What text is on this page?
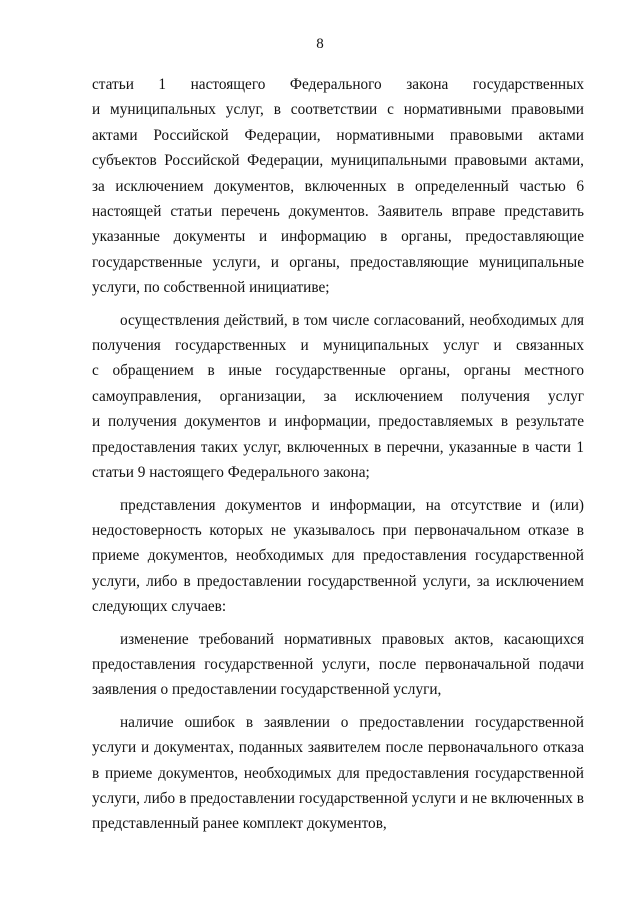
8

статьи 1 настоящего Федерального закона государственных
и муниципальных услуг, в соответствии с нормативными правовыми
актами Российской Федерации, нормативными правовыми актами
субъектов Российской Федерации, муниципальными правовыми актами,
за исключением документов, включенных в определенный частью 6
настоящей статьи перечень документов. Заявитель вправе представить
указанные документы и информацию в органы, предоставляющие
государственные услуги, и органы, предоставляющие муниципальные
услуги, по собственной инициативе;

осуществления действий, в том числе согласований, необходимых для
получения государственных и муниципальных услуг и связанных
с обращением в иные государственные органы, органы местного
самоуправления, организации, за исключением получения услуг
и получения документов и информации, предоставляемых в результате
предоставления таких услуг, включенных в перечни, указанные в части 1
статьи 9 настоящего Федерального закона;

представления документов и информации, на отсутствие и (или)
недостоверность которых не указывалось при первоначальном отказе в
приеме документов, необходимых для предоставления государственной
услуги, либо в предоставлении государственной услуги, за исключением
следующих случаев:

изменение требований нормативных правовых актов, касающихся
предоставления государственной услуги, после первоначальной подачи
заявления о предоставлении государственной услуги,

наличие ошибок в заявлении о предоставлении государственной
услуги и документах, поданных заявителем после первоначального отказа
в приеме документов, необходимых для предоставления государственной
услуги, либо в предоставлении государственной услуги и не включенных в
представленный ранее комплект документов,
